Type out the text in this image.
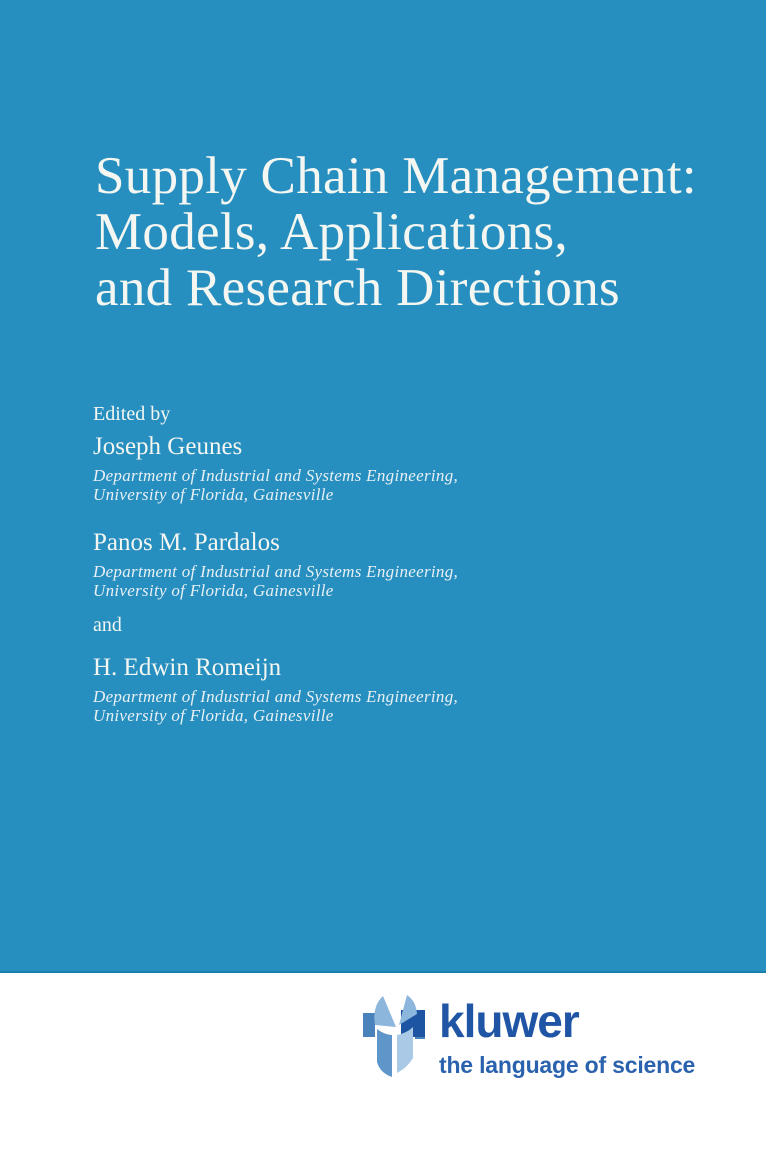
Supply Chain Management:
Models, Applications,
and Research Directions
Edited by
Joseph Geunes
Department of Industrial and Systems Engineering,
University of Florida, Gainesville
Panos M. Pardalos
Department of Industrial and Systems Engineering,
University of Florida, Gainesville
and
H. Edwin Romeijn
Department of Industrial and Systems Engineering,
University of Florida, Gainesville
kluwer
the language of science
